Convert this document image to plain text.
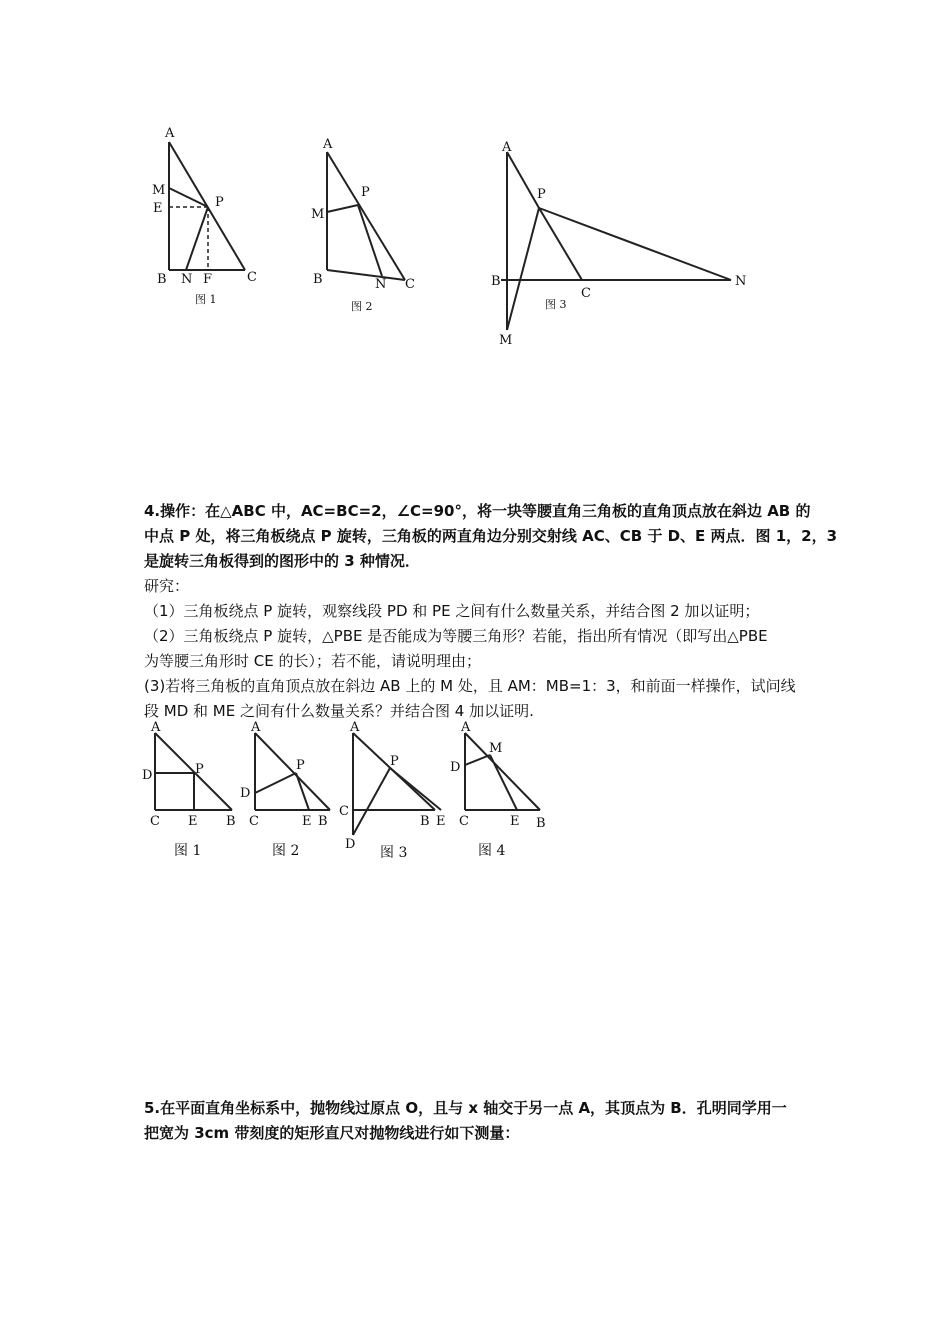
A
M
E	P
B N F	C
图 1
A
M
P
B	N C
图 2
A
P
B
C
N
M
图 3
4.操作：在△ABC 中，AC=BC=2，∠C=90°，将一块等腰直角三角板的直角顶点放在斜边 AB 的
中点 P 处，将三角板绕点 P 旋转，三角板的两直角边分别交射线 AC、CB 于 D、E 两点．图 1，2，3
是旋转三角板得到的图形中的 3 种情况．
研究：
（1）三角板绕点 P 旋转，观察线段 PD 和 PE 之间有什么数量关系，并结合图 2 加以证明；
（2）三角板绕点 P 旋转，△PBE 是否能成为等腰三角形？若能，指出所有情况（即写出△PBE
为等腰三角形时 CE 的长）；若不能，请说明理由；
(3)若将三角板的直角顶点放在斜边 AB 上的 M 处，且 AM：MB=1：3，和前面一样操作，试问线
段 MD 和 ME 之间有什么数量关系？并结合图 4 加以证明.
A
D	P
C E B
图 1
A
D
P
C	E B
图 2
A
P
C
B E
D
图 3
A
M
D
C	E B
图 4
5.在平面直角坐标系中，抛物线过原点 O，且与 x 轴交于另一点 A，其顶点为 B．孔明同学用一
把宽为 3cm 带刻度的矩形直尺对抛物线进行如下测量：
